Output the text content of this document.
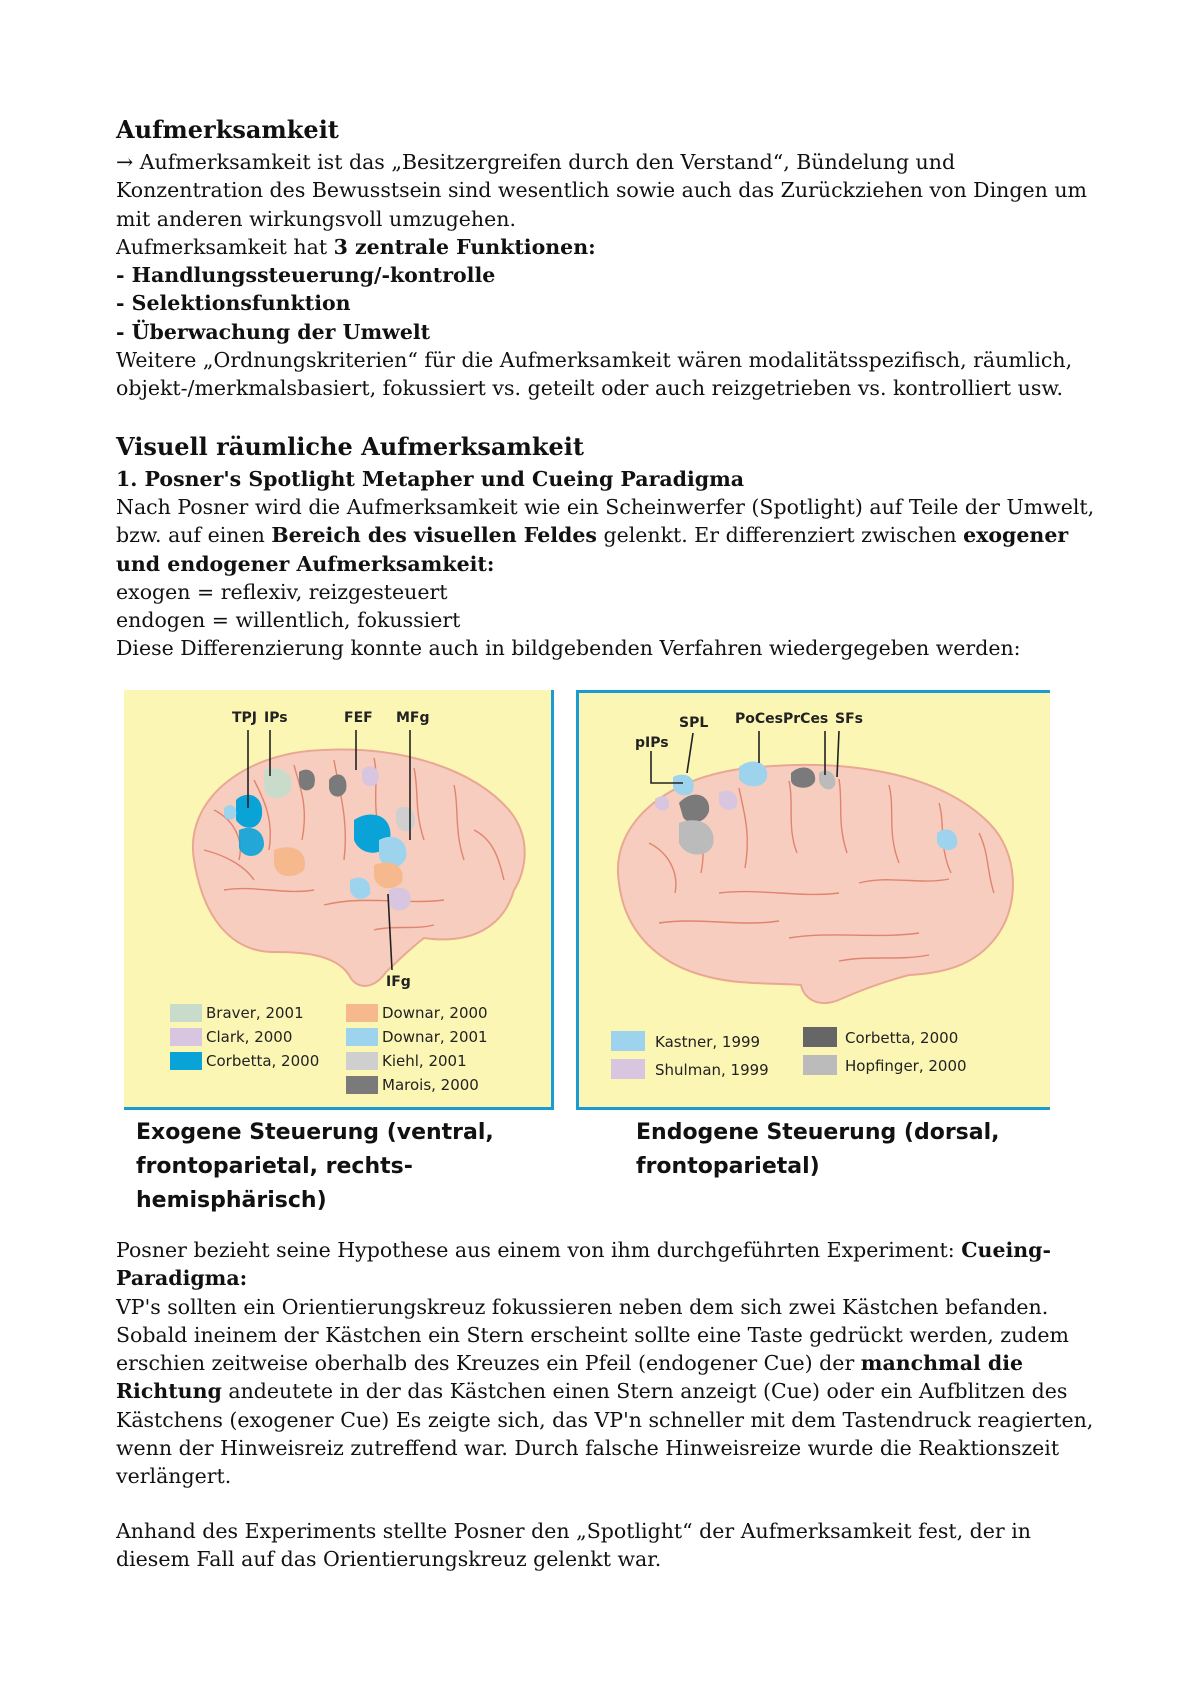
Aufmerksamkeit

→ Aufmerksamkeit ist das „Besitzergreifen durch den Verstand“, Bündelung und Konzentration des Bewusstsein sind wesentlich sowie auch das Zurückziehen von Dingen um mit anderen wirkungsvoll umzugehen.

Aufmerksamkeit hat 3 zentrale Funktionen:

- Handlungssteuerung/-kontrolle

- Selektionsfunktion

- Überwachung der Umwelt

Weitere „Ordnungskriterien“ für die Aufmerksamkeit wären modalitätsspezifisch, räumlich, objekt-/merkmalsbasiert, fokussiert vs. geteilt oder auch reizgetrieben vs. kontrolliert usw.

Visuell räumliche Aufmerksamkeit
1. Posner's Spotlight Metapher und Cueing Paradigma

Nach Posner wird die Aufmerksamkeit wie ein Scheinwerfer (Spotlight) auf Teile der Umwelt, bzw. auf einen Bereich des visuellen Feldes gelenkt. Er differenziert zwischen exogener und endogener Aufmerksamkeit:

exogen = reflexiv, reizgesteuert

endogen = willentlich, fokussiert

Diese Differenzierung konnte auch in bildgebenden Verfahren wiedergegeben werden:

TPJ IPs	FEF MFg
IFg
Braver, 2001
Clark, 2000
Corbetta, 2000
Downar, 2000
Downar, 2001
Kiehl, 2001
Marois, 2000
pIPs
SPL PoCes PrCes SFs
Kastner, 1999
Shulman, 1999
Corbetta, 2000
Hopfinger, 2000
Exogene Steuerung (ventral, frontoparietal, rechts-hemisphärisch)
Endogene Steuerung (dorsal, frontoparietal)

Posner bezieht seine Hypothese aus einem von ihm durchgeführten Experiment: Cueing-Paradigma:

VP's sollten ein Orientierungskreuz fokussieren neben dem sich zwei Kästchen befanden. Sobald ineinem der Kästchen ein Stern erscheint sollte eine Taste gedrückt werden, zudem erschien zeitweise oberhalb des Kreuzes ein Pfeil (endogener Cue) der manchmal die Richtung andeutete in der das Kästchen einen Stern anzeigt (Cue) oder ein Aufblitzen des Kästchens (exogener Cue) Es zeigte sich, das VP'n schneller mit dem Tastendruck reagierten, wenn der Hinweisreiz zutreffend war. Durch falsche Hinweisreize wurde die Reaktionszeit verlängert.

Anhand des Experiments stellte Posner den „Spotlight“ der Aufmerksamkeit fest, der in diesem Fall auf das Orientierungskreuz gelenkt war.
